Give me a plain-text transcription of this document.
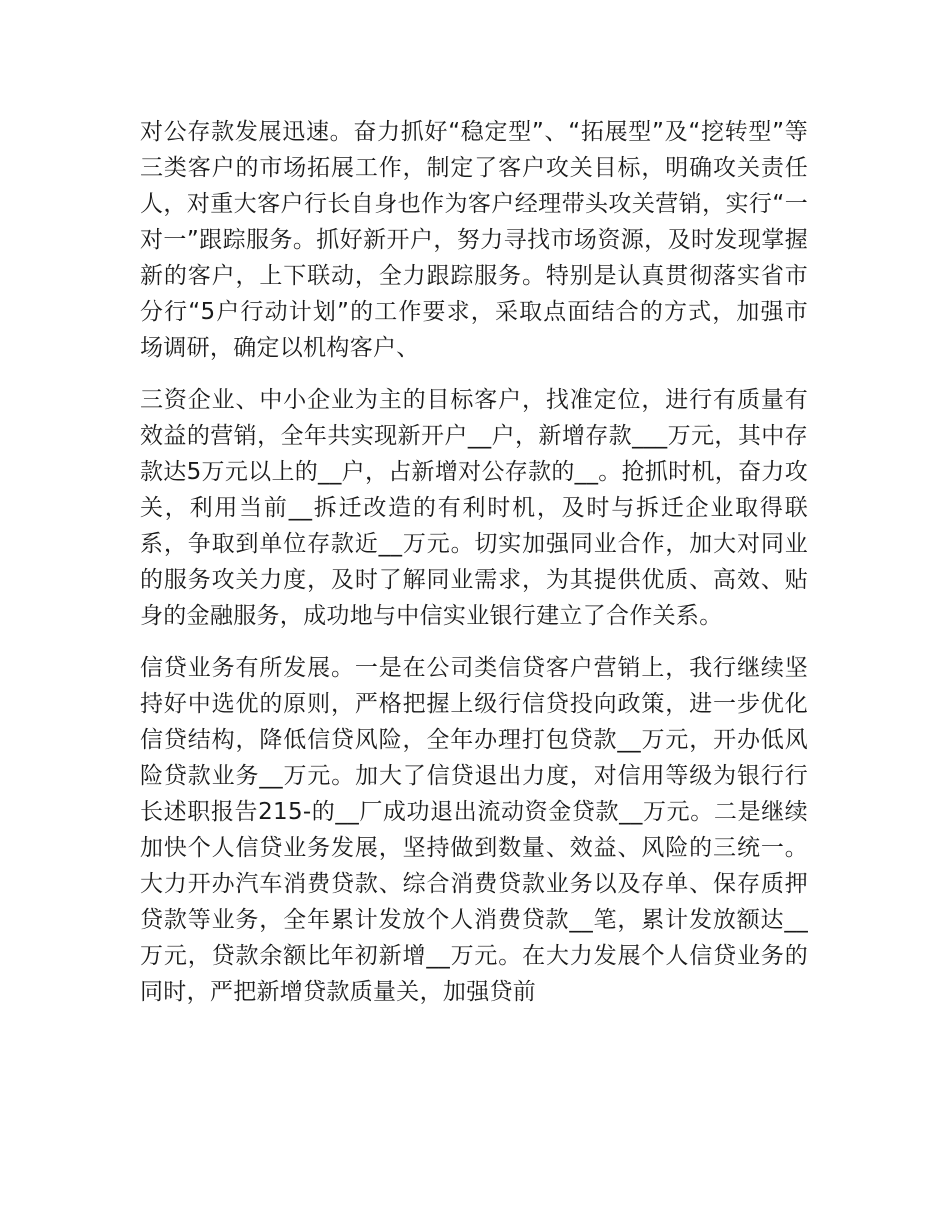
对公存款发展迅速。奋力抓好“稳定型”、“拓展型”及“挖转型”等三类客户的市场拓展工作，制定了客户攻关目标，明确攻关责任人，对重大客户行长自身也作为客户经理带头攻关营销，实行“一对一”跟踪服务。抓好新开户，努力寻找市场资源，及时发现掌握新的客户，上下联动，全力跟踪服务。特别是认真贯彻落实省市分行“5户行动计划”的工作要求，采取点面结合的方式，加强市场调研，确定以机构客户、

三资企业、中小企业为主的目标客户，找准定位，进行有质量有效益的营销，全年共实现新开户__户，新增存款___万元，其中存款达5万元以上的__户，占新增对公存款的__。抢抓时机，奋力攻关，利用当前__拆迁改造的有利时机，及时与拆迁企业取得联系，争取到单位存款近__万元。切实加强同业合作，加大对同业的服务攻关力度，及时了解同业需求，为其提供优质、高效、贴身的金融服务，成功地与中信实业银行建立了合作关系。

信贷业务有所发展。一是在公司类信贷客户营销上，我行继续坚持好中选优的原则，严格把握上级行信贷投向政策，进一步优化信贷结构，降低信贷风险，全年办理打包贷款__万元，开办低风险贷款业务__万元。加大了信贷退出力度，对信用等级为银行行长述职报告215-的__厂成功退出流动资金贷款__万元。二是继续加快个人信贷业务发展，坚持做到数量、效益、风险的三统一。大力开办汽车消费贷款、综合消费贷款业务以及存单、保存质押贷款等业务，全年累计发放个人消费贷款__笔，累计发放额达__万元，贷款余额比年初新增__万元。在大力发展个人信贷业务的同时，严把新增贷款质量关，加强贷前
